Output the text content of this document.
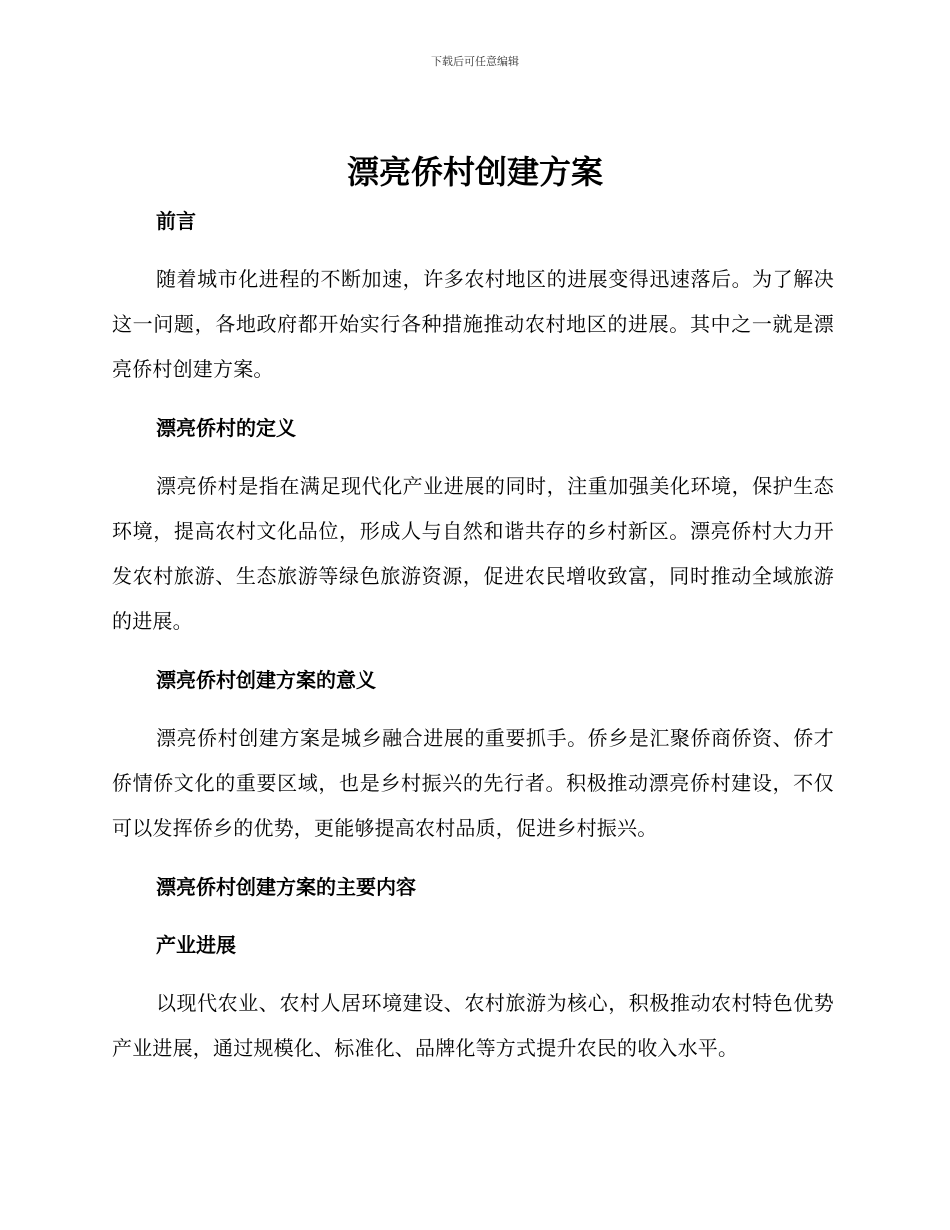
下载后可任意编辑
漂亮侨村创建方案
前言

随着城市化进程的不断加速，许多农村地区的进展变得迅速落后。为了解决这一问题，各地政府都开始实行各种措施推动农村地区的进展。其中之一就是漂亮侨村创建方案。

漂亮侨村的定义

漂亮侨村是指在满足现代化产业进展的同时，注重加强美化环境，保护生态环境，提高农村文化品位，形成人与自然和谐共存的乡村新区。漂亮侨村大力开发农村旅游、生态旅游等绿色旅游资源，促进农民增收致富，同时推动全域旅游的进展。

漂亮侨村创建方案的意义

漂亮侨村创建方案是城乡融合进展的重要抓手。侨乡是汇聚侨商侨资、侨才侨情侨文化的重要区域，也是乡村振兴的先行者。积极推动漂亮侨村建设，不仅可以发挥侨乡的优势，更能够提高农村品质，促进乡村振兴。

漂亮侨村创建方案的主要内容
产业进展

以现代农业、农村人居环境建设、农村旅游为核心，积极推动农村特色优势产业进展，通过规模化、标准化、品牌化等方式提升农民的收入水平。
